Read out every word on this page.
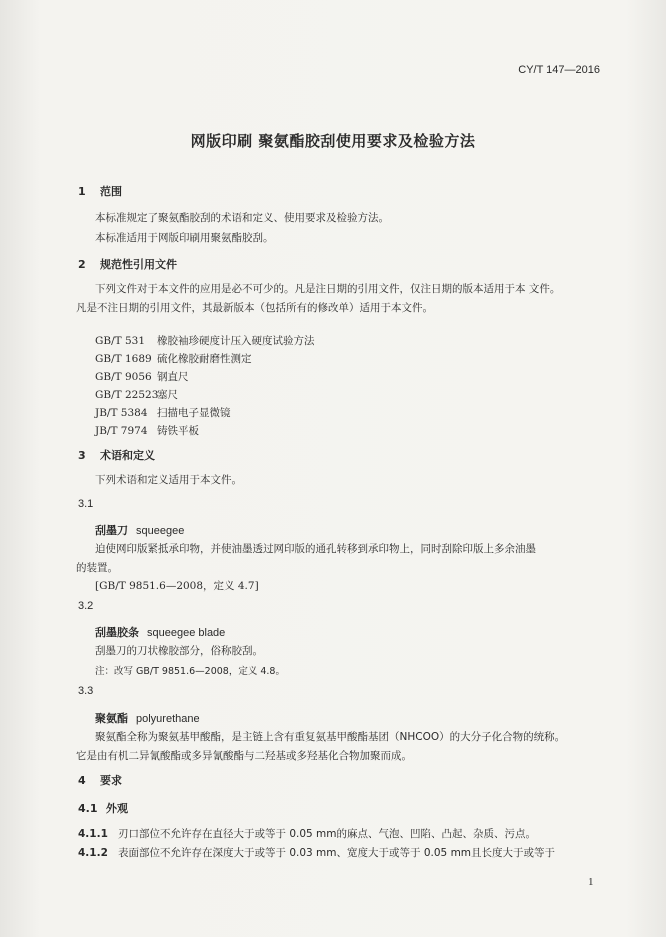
CY/T 147—2016
网版印刷 聚氨酯胶刮使用要求及检验方法
1 范围
本标准规定了聚氨酯胶刮的术语和定义、使用要求及检验方法。
本标准适用于网版印刷用聚氨酯胶刮。
2 规范性引用文件
下列文件对于本文件的应用是必不可少的。凡是注日期的引用文件，仅注日期的版本适用于本 文件。
凡是不注日期的引用文件，其最新版本（包括所有的修改单）适用于本文件。
GB/T 531 橡胶袖珍硬度计压入硬度试验方法
GB/T 1689 硫化橡胶耐磨性测定
GB/T 9056 钢直尺
GB/T 22523塞尺
JB/T 5384 扫描电子显微镜
JB/T 7974 铸铁平板
3 术语和定义
下列术语和定义适用于本文件。
3.1
刮墨刀 squeegee
迫使网印版紧抵承印物，并使油墨透过网印版的通孔转移到承印物上，同时刮除印版上多余油墨
的装置。
[GB/T 9851.6—2008，定义 4.7]
3.2
刮墨胶条 squeegee blade
刮墨刀的刀状橡胶部分，俗称胶刮。
注：改写 GB/T 9851.6—2008，定义 4.8。
3.3
聚氨酯 polyurethane
聚氨酯全称为聚氨基甲酸酯，是主链上含有重复氨基甲酸酯基团（NHCOO）的大分子化合物的统称。
它是由有机二异氰酸酯或多异氰酸酯与二羟基或多羟基化合物加聚而成。
4 要求
4.1 外观
4.1.1 刃口部位不允许存在直径大于或等于 0.05 mm的麻点、气泡、凹陷、凸起、杂质、污点。
4.1.2 表面部位不允许存在深度大于或等于 0.03 mm、宽度大于或等于 0.05 mm且长度大于或等于
1
